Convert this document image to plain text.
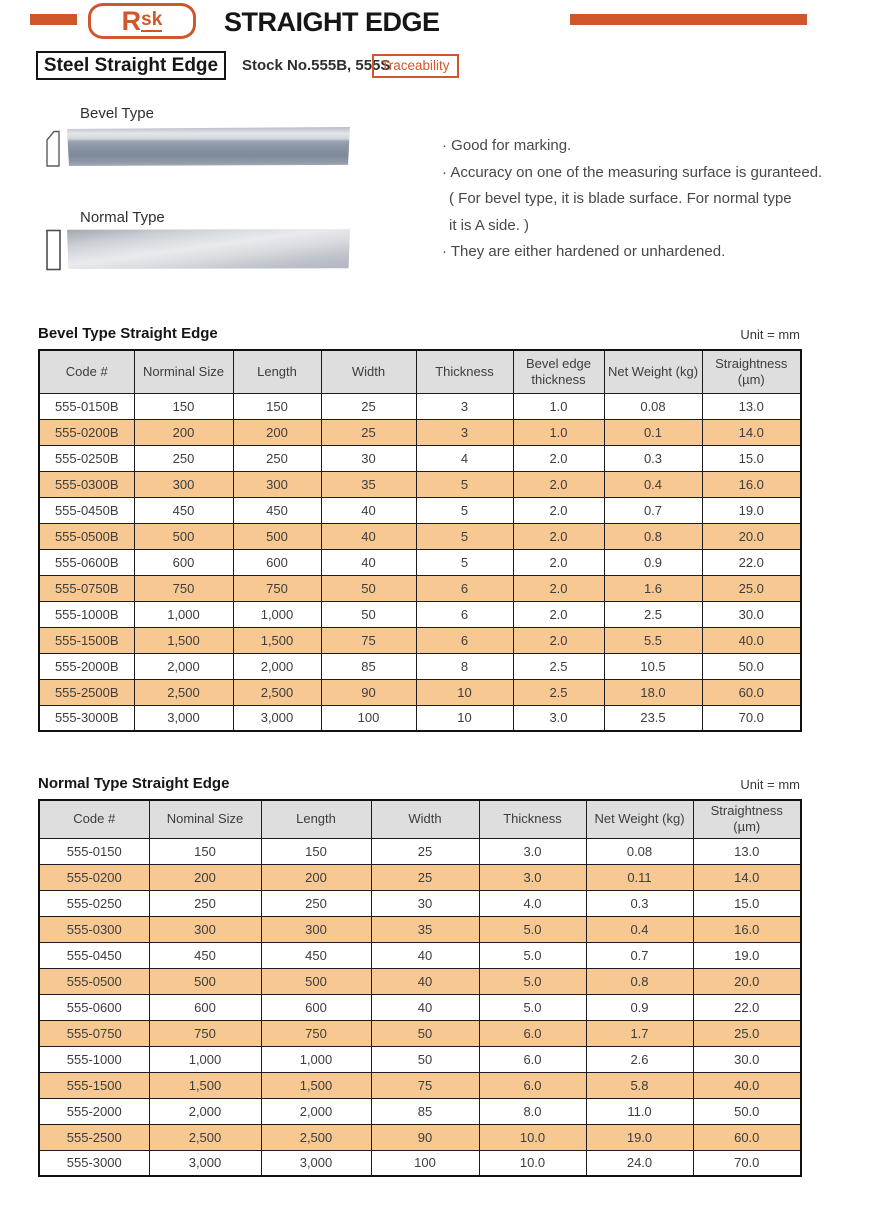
R sk STRAIGHT EDGE
Steel Straight Edge	Stock No.555B, 555S
Traceability
Bevel Type
Normal Type
· Good for marking.
· Accuracy on one of the measuring surface is guranteed.
( For bevel type, it is blade surface. For normal type
it is A side. )
· They are either hardened or unhardened.
Bevel Type Straight Edge	Unit = mm
Code #	Norminal Size	Length	Width	Thickness	Bevel edge thickness	Net Weight (kg)	Straightness (µm)
555-0150B	150	150	25	3	1.0	0.08	13.0
555-0200B	200	200	25	3	1.0	0.1	14.0
555-0250B	250	250	30	4	2.0	0.3	15.0
555-0300B	300	300	35	5	2.0	0.4	16.0
555-0450B	450	450	40	5	2.0	0.7	19.0
555-0500B	500	500	40	5	2.0	0.8	20.0
555-0600B	600	600	40	5	2.0	0.9	22.0
555-0750B	750	750	50	6	2.0	1.6	25.0
555-1000B	1,000	1,000	50	6	2.0	2.5	30.0
555-1500B	1,500	1,500	75	6	2.0	5.5	40.0
555-2000B	2,000	2,000	85	8	2.5	10.5	50.0
555-2500B	2,500	2,500	90	10	2.5	18.0	60.0
555-3000B	3,000	3,000	100	10	3.0	23.5	70.0
Normal Type Straight Edge	Unit = mm
Code #	Nominal Size	Length	Width	Thickness	Net Weight (kg)	Straightness (µm)
555-0150	150	150	25	3.0	0.08	13.0
555-0200	200	200	25	3.0	0.11	14.0
555-0250	250	250	30	4.0	0.3	15.0
555-0300	300	300	35	5.0	0.4	16.0
555-0450	450	450	40	5.0	0.7	19.0
555-0500	500	500	40	5.0	0.8	20.0
555-0600	600	600	40	5.0	0.9	22.0
555-0750	750	750	50	6.0	1.7	25.0
555-1000	1,000	1,000	50	6.0	2.6	30.0
555-1500	1,500	1,500	75	6.0	5.8	40.0
555-2000	2,000	2,000	85	8.0	11.0	50.0
555-2500	2,500	2,500	90	10.0	19.0	60.0
555-3000	3,000	3,000	100	10.0	24.0	70.0
